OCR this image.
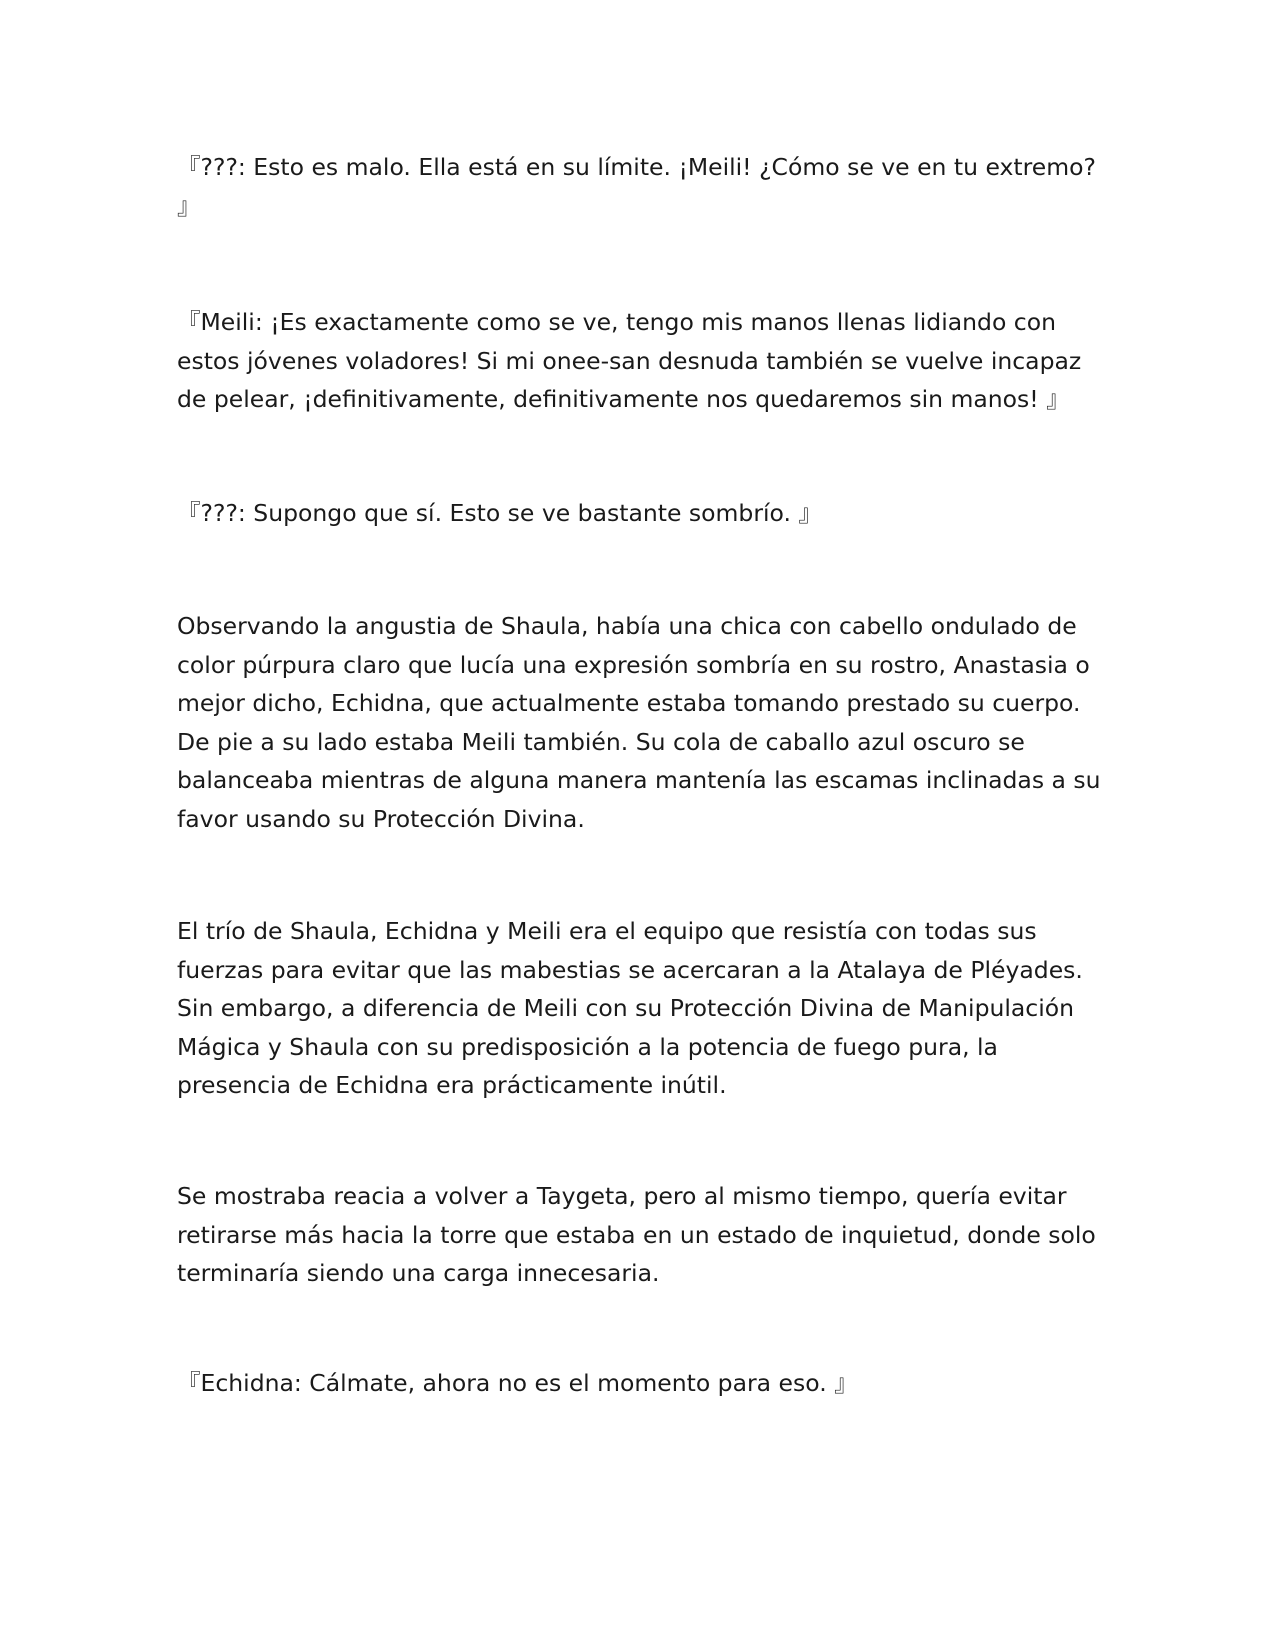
『???: Esto es malo. Ella está en su límite. ¡Meili! ¿Cómo se ve en tu extremo? 』

『Meili: ¡Es exactamente como se ve, tengo mis manos llenas lidiando con estos jóvenes voladores! Si mi onee-san desnuda también se vuelve incapaz de pelear, ¡definitivamente, definitivamente nos quedaremos sin manos! 』

『???: Supongo que sí. Esto se ve bastante sombrío. 』

Observando la angustia de Shaula, había una chica con cabello ondulado de color púrpura claro que lucía una expresión sombría en su rostro, Anastasia o mejor dicho, Echidna, que actualmente estaba tomando prestado su cuerpo. De pie a su lado estaba Meili también. Su cola de caballo azul oscuro se balanceaba mientras de alguna manera mantenía las escamas inclinadas a su favor usando su Protección Divina.

El trío de Shaula, Echidna y Meili era el equipo que resistía con todas sus fuerzas para evitar que las mabestias se acercaran a la Atalaya de Pléyades. Sin embargo, a diferencia de Meili con su Protección Divina de Manipulación Mágica y Shaula con su predisposición a la potencia de fuego pura, la presencia de Echidna era prácticamente inútil.

Se mostraba reacia a volver a Taygeta, pero al mismo tiempo, quería evitar retirarse más hacia la torre que estaba en un estado de inquietud, donde solo terminaría siendo una carga innecesaria.

『Echidna: Cálmate, ahora no es el momento para eso. 』
